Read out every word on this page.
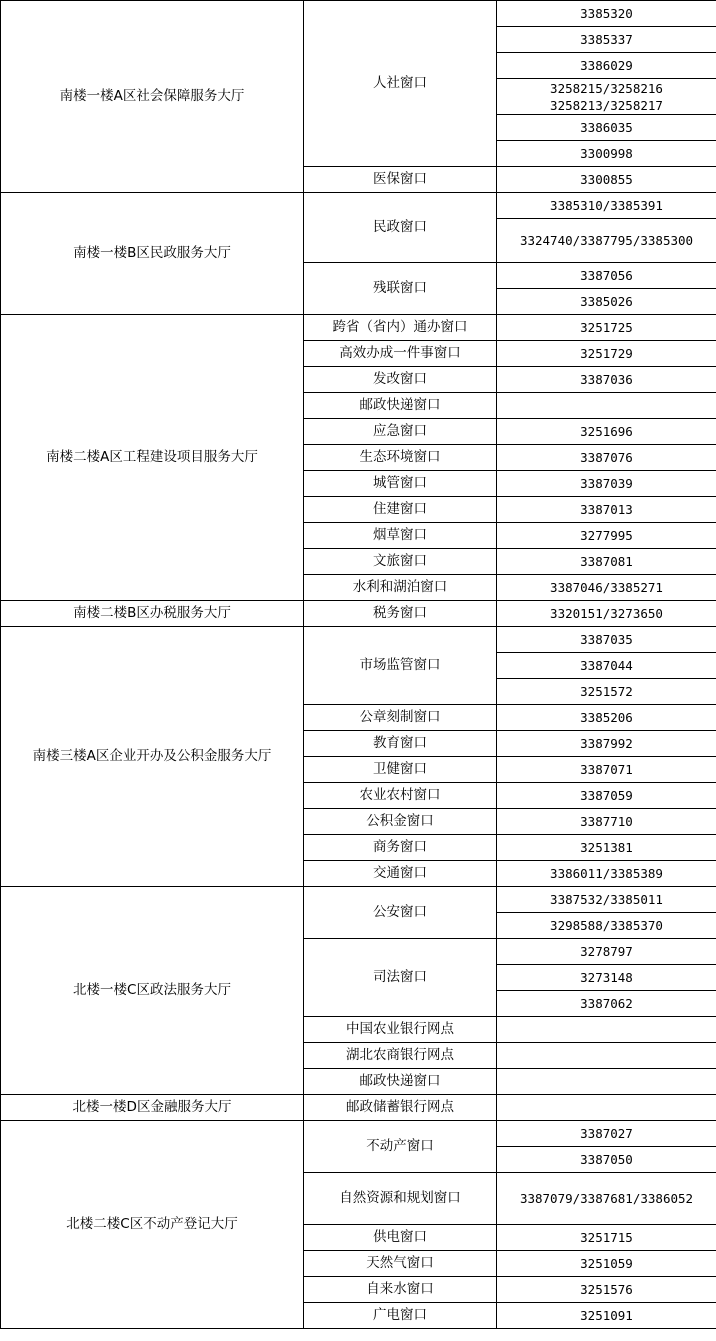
南楼一楼A区社会保障服务大厅	人社窗口	3385320
		3385337
		3386029
		3258215/3258216
3258213/3258217
		3386035
		3300998
	医保窗口	3300855
南楼一楼B区民政服务大厅	民政窗口	3385310/3385391
		3324740/3387795/3385300
	残联窗口	3387056
		3385026
南楼二楼A区工程建设项目服务大厅	跨省（省内）通办窗口	3251725
	高效办成一件事窗口	3251729
	发改窗口	3387036
	邮政快递窗口	
	应急窗口	3251696
	生态环境窗口	3387076
	城管窗口	3387039
	住建窗口	3387013
	烟草窗口	3277995
	文旅窗口	3387081
	水利和湖泊窗口	3387046/3385271
南楼二楼B区办税服务大厅	税务窗口	3320151/3273650
南楼三楼A区企业开办及公积金服务大厅	市场监管窗口	3387035
		3387044
		3251572
	公章刻制窗口	3385206
	教育窗口	3387992
	卫健窗口	3387071
	农业农村窗口	3387059
	公积金窗口	3387710
	商务窗口	3251381
	交通窗口	3386011/3385389
北楼一楼C区政法服务大厅	公安窗口	3387532/3385011
		3298588/3385370
	司法窗口	3278797
		3273148
		3387062
	中国农业银行网点	
	湖北农商银行网点	
	邮政快递窗口	
北楼一楼D区金融服务大厅	邮政储蓄银行网点	
北楼二楼C区不动产登记大厅	不动产窗口	3387027
		3387050
	自然资源和规划窗口	3387079/3387681/3386052
	供电窗口	3251715
	天然气窗口	3251059
	自来水窗口	3251576
	广电窗口	3251091
